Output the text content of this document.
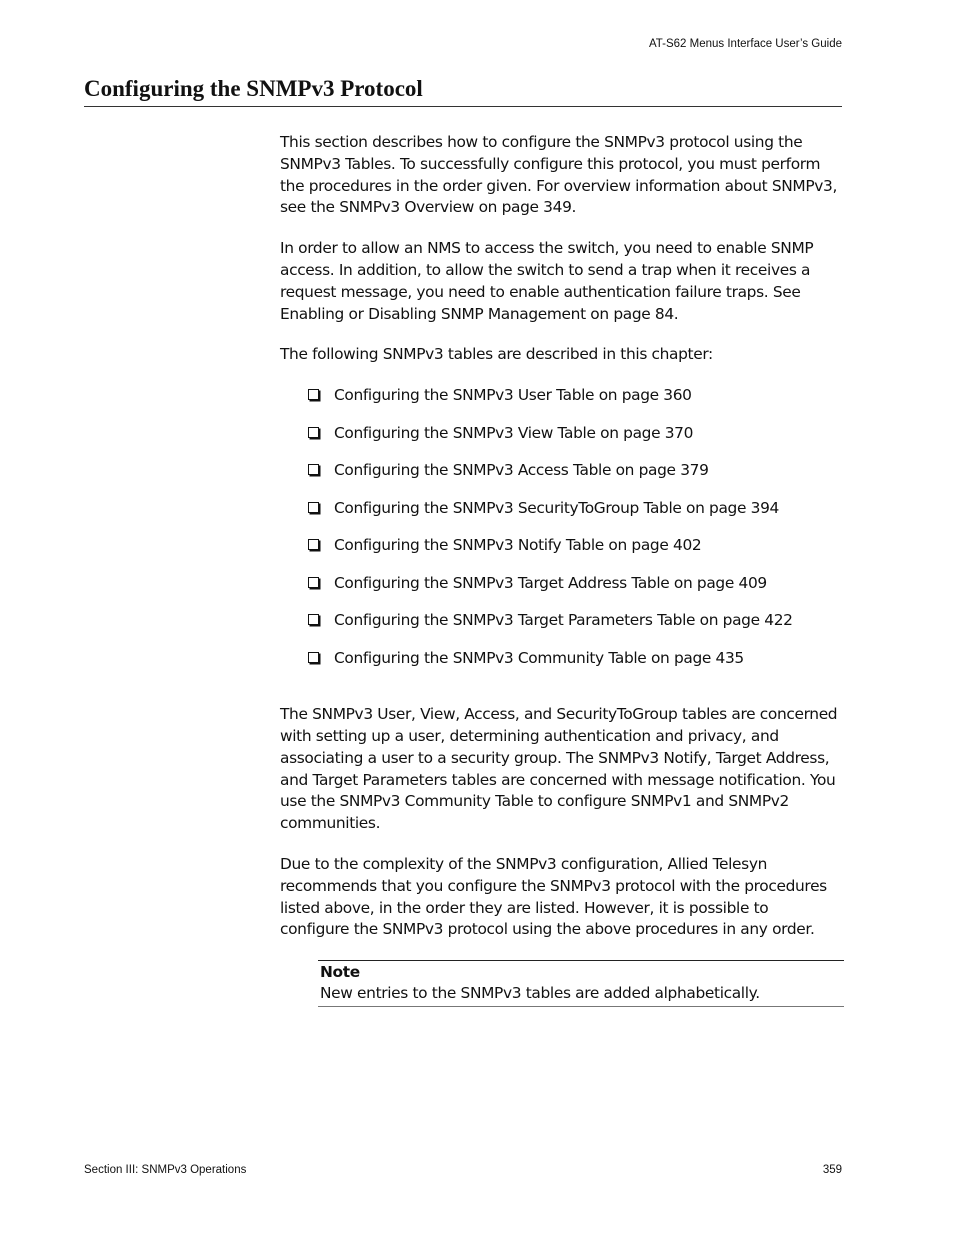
AT-S62 Menus Interface User’s Guide
Configuring the SNMPv3 Protocol

This section describes how to configure the SNMPv3 protocol using the SNMPv3 Tables. To successfully configure this protocol, you must perform the procedures in the order given. For overview information about SNMPv3, see the SNMPv3 Overview on page 349.

In order to allow an NMS to access the switch, you need to enable SNMP access. In addition, to allow the switch to send a trap when it receives a request message, you need to enable authentication failure traps. See Enabling or Disabling SNMP Management on page 84.

The following SNMPv3 tables are described in this chapter:

Configuring the SNMPv3 User Table on page 360
Configuring the SNMPv3 View Table on page 370
Configuring the SNMPv3 Access Table on page 379
Configuring the SNMPv3 SecurityToGroup Table on page 394
Configuring the SNMPv3 Notify Table on page 402
Configuring the SNMPv3 Target Address Table on page 409
Configuring the SNMPv3 Target Parameters Table on page 422
Configuring the SNMPv3 Community Table on page 435

The SNMPv3 User, View, Access, and SecurityToGroup tables are concerned with setting up a user, determining authentication and privacy, and associating a user to a security group. The SNMPv3 Notify, Target Address, and Target Parameters tables are concerned with message notification. You use the SNMPv3 Community Table to configure SNMPv1 and SNMPv2 communities.

Due to the complexity of the SNMPv3 configuration, Allied Telesyn recommends that you configure the SNMPv3 protocol with the procedures listed above, in the order they are listed. However, it is possible to configure the SNMPv3 protocol using the above procedures in any order.

Note
New entries to the SNMPv3 tables are added alphabetically.
Section III: SNMPv3 Operations	359
